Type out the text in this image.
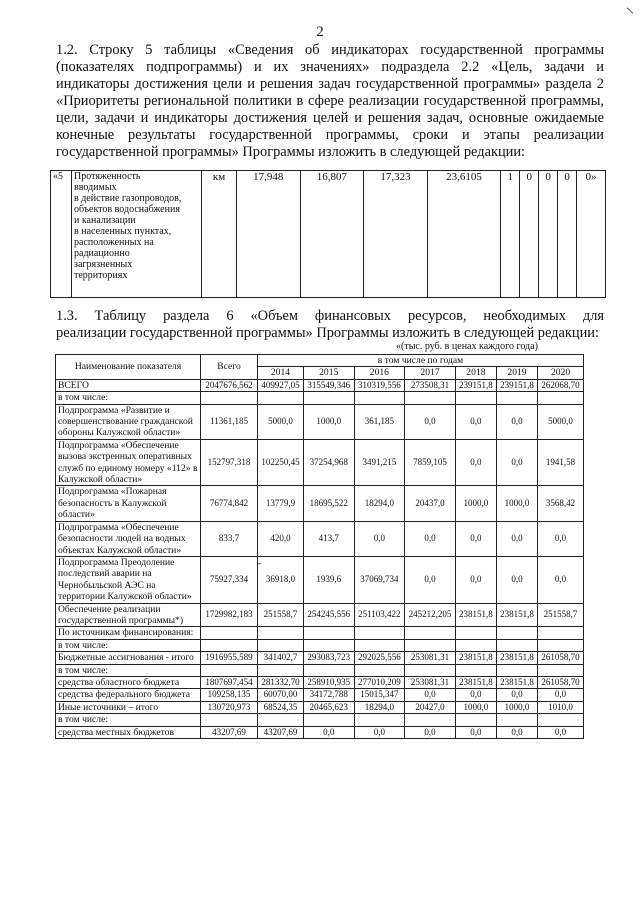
2
1.2. Строку 5 таблицы «Сведения об индикаторах государственной программы
(показателях подпрограммы) и их значениях» подраздела 2.2 «Цель, задачи и
индикаторы достижения цели и решения задач государственной программы» раздела 2
«Приоритеты региональной политики в сфере реализации государственной программы,
цели, задачи и индикаторы достижения целей и решения задач, основные ожидаемые
конечные результаты государственной программы, сроки и этапы реализации
государственной программы» Программы изложить в следующей редакции:
«5	Протяженность
вводимых
в действие газопроводов,
объектов водоснабжения
и канализации
в населенных пунктах,
расположенных на
радиационно
загрязненных
территориях
	км	17,948	16,807	17,323	23,6105	1	0	0	0	0»
1.3. Таблицу раздела 6 «Объем финансовых ресурсов, необходимых для
реализации государственной программы» Программы изложить в следующей редакции:
«(тыс. руб. в ценах каждого года)
Наименование показателя	Всего	в том числе по годам						
		2014	2015	2016	2017	2018	2019	2020
ВСЕГО	2047676,562	409927,05	315549,346	310319,556	273508,31	239151,8	239151,8	262068,70
в том числе:								
Подпрограмма «Развитие и совершенствование гражданской обороны Калужской области»	11361,185	5000,0	1000,0	361,185	0,0	0,0	0,0	5000,0
Подпрограмма «Обеспечение вызова экстренных оперативных служб по единому номеру «112» в Калужской области»	152797,318	102250,45	37254,968	3491,215	7859,105	0,0	0,0	1941,58
Подпрограмма «Пожарная безопасность в Калужской области»	76774,842	13779,9	18695,522	18294,0	20437,0	1000,0	1000,0	3568,42
Подпрограмма «Обеспечение безопасности людей на водных объектах Калужской области»	833,7	420,0	413,7	0,0	0,0	0,0	0,0	0,0
Подпрограмма Преодоление последствий аварии на Чернобыльской АЭС на территории Калужской области»	75927,334	36918,0	1939,6	37069,734	0,0	0,0	0,0	0,0
Обеспечение реализации государственной программы*)	1729982,183	251558,7	254245,556	251103,422	245212,205	238151,8	238151,8	251558,7
По источникам финансирования:								
в том числе:								
Бюджетные ассигнования - итого	1916955,589	341402,7	293083,723	292025,556	253081,31	238151,8	238151,8	261058,70
в том числе:								
средства областного бюджета	1807697,454	281332,70	258910,935	277010,209	253081,31	238151,8	238151,8	261058,70
средства федерального бюджета	109258,135	60070,00	34172,788	15015,347	0,0	0,0	0,0	0,0
Иные источники – итого	130720,973	68524,35	20465,623	18294,0	20427,0	1000,0	1000,0	1010,0
в том числе:								
средства местных бюджетов	43207,69	43207,69	0,0	0,0	0,0	0,0	0,0	0,0
-
